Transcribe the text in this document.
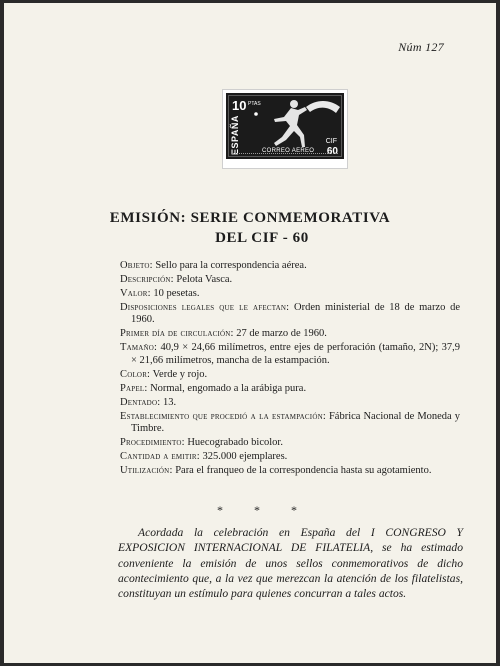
Núm 127
10 PTAS
ESPAÑA	CORREO AEREO
CIF
60
EMISIÓN: SERIE CONMEMORATIVA
DEL CIF - 60
Objeto: Sello para la correspondencia aérea.
Descripción: Pelota Vasca.
Valor: 10 pesetas.
Disposiciones legales que le afectan: Orden ministerial de 18 de marzo de 1960.
Primer día de circulación: 27 de marzo de 1960.
Tamaño: 40,9 × 24,66 milímetros, entre ejes de perforación (tamaño, 2N); 37,9 × 21,66 milímetros, mancha de la estampación.
Color: Verde y rojo.
Papel: Normal, engomado a la arábiga pura.
Dentado: 13.
Establecimiento que procedió a la estampación: Fábrica Nacional de Moneda y Timbre.
Procedimiento: Huecograbado bicolor.
Cantidad a emitir: 325.000 ejemplares.
Utilización: Para el franqueo de la correspondencia hasta su agotamiento.
* * *

Acordada la celebración en España del I CONGRESO Y EXPOSICION INTERNACIONAL DE FILATELIA, se ha estimado conveniente la emisión de unos sellos conmemorativos de dicho acontecimiento que, a la vez que merezcan la atención de los filatelistas, constituyan un estímulo para quienes concurran a tales actos.
